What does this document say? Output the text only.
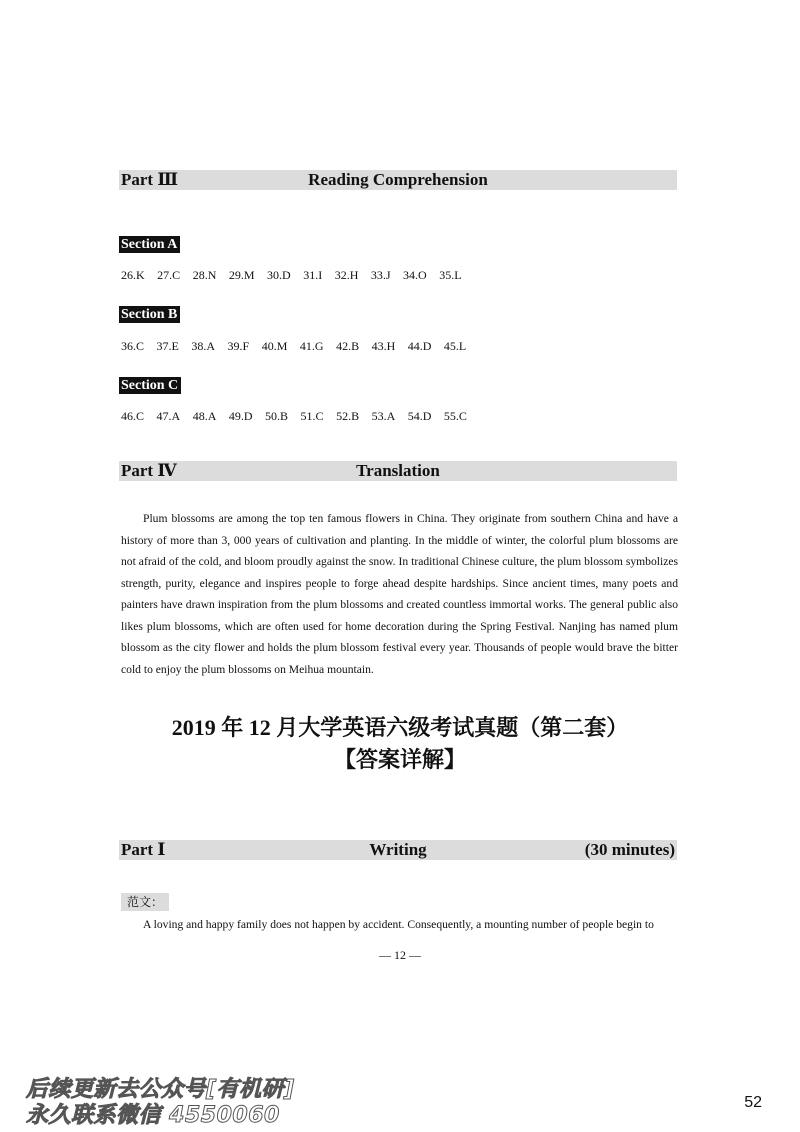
Part Ⅲ	Reading Comprehension
Section A
26.K 27.C 28.N 29.M 30.D 31.I 32.H 33.J 34.O 35.L
Section B
36.C 37.E 38.A 39.F 40.M 41.G 42.B 43.H 44.D 45.L
Section C
46.C 47.A 48.A 49.D 50.B 51.C 52.B 53.A 54.D 55.C
Part Ⅳ	Translation
Plum blossoms are among the top ten famous flowers in China. They originate from southern China and have a history of more than 3, 000 years of cultivation and planting. In the middle of winter, the colorful plum blossoms are not afraid of the cold, and bloom proudly against the snow. In traditional Chinese culture, the plum blossom symbolizes strength, purity, elegance and inspires people to forge ahead despite hardships. Since ancient times, many poets and painters have drawn inspiration from the plum blossoms and created countless immortal works. The general public also likes plum blossoms, which are often used for home decoration during the Spring Festival. Nanjing has named plum blossom as the city flower and holds the plum blossom festival every year. Thousands of people would brave the bitter cold to enjoy the plum blossoms on Meihua mountain.
2019 年 12 月大学英语六级考试真题（第二套）
【答案详解】
Part Ⅰ	Writing	(30 minutes)
范文：
A loving and happy family does not happen by accident. Consequently, a mounting number of people begin to
— 12 —
后续更新去公众号[有机研]
永久联系微信 4550060
52
